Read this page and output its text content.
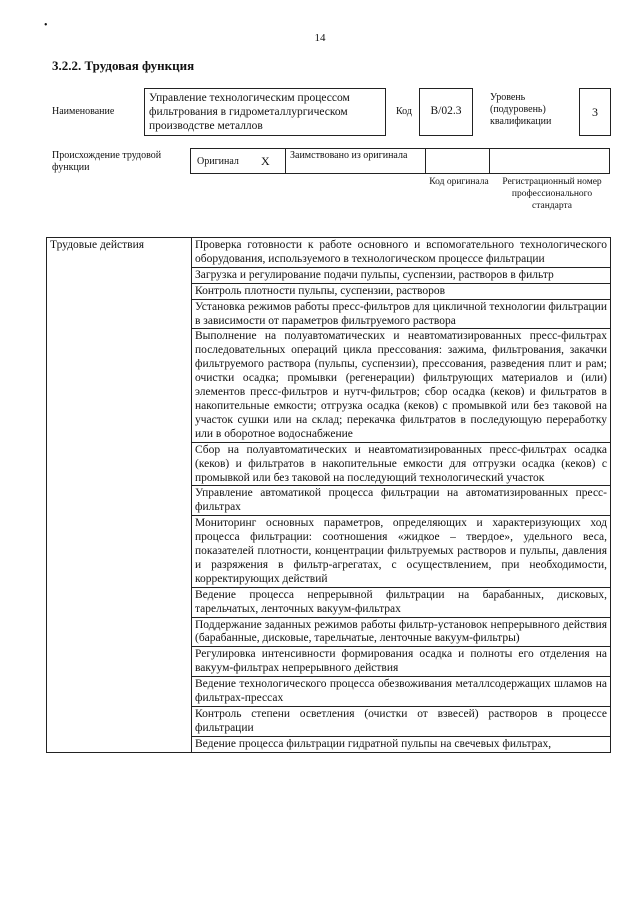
•
14
3.2.2. Трудовая функция
Наименование
Управление технологическим процессом фильтрования в гидрометаллургическом производстве металлов
Код	В/02.3
Уровень (подуровень) квалификации
3
Происхождение трудовой функции
Оригинал X Заимствовано из оригинала
Код оригинала	Регистрационный номер профессионального стандарта
Трудовые действия	Проверка готовности к работе основного и вспомогательного технологического оборудования, используемого в технологическом процессе фильтрации
Загрузка и регулирование подачи пульпы, суспензии, растворов в фильтр
Контроль плотности пульпы, суспензии, растворов
Установка режимов работы пресс-фильтров для цикличной технологии фильтрации в зависимости от параметров фильтруемого раствора
Выполнение на полуавтоматических и неавтоматизированных пресс-фильтрах последовательных операций цикла прессования: зажима, фильтрования, закачки фильтруемого раствора (пульпы, суспензии), прессования, разведения плит и рам; очистки осадка; промывки (регенерации) фильтрующих материалов и (или) элементов пресс-фильтров и нутч-фильтров; сбор осадка (кеков) и фильтратов в накопительные емкости; отгрузка осадка (кеков) с промывкой или без таковой на участок сушки или на склад; перекачка фильтратов в последующую переработку или в оборотное водоснабжение
Сбор на полуавтоматических и неавтоматизированных пресс-фильтрах осадка (кеков) и фильтратов в накопительные емкости для отгрузки осадка (кеков) с промывкой или без таковой на последующий технологический участок
Управление автоматикой процесса фильтрации на автоматизированных пресс-фильтрах
Мониторинг основных параметров, определяющих и характеризующих ход процесса фильтрации: соотношения «жидкое – твердое», удельного веса, показателей плотности, концентрации фильтруемых растворов и пульпы, давления и разряжения в фильтр-агрегатах, с осуществлением, при необходимости, корректирующих действий
Ведение процесса непрерывной фильтрации на барабанных, дисковых, тарельчатых, ленточных вакуум-фильтрах
Поддержание заданных режимов работы фильтр-установок непрерывного действия (барабанные, дисковые, тарельчатые, ленточные вакуум-фильтры)
Регулировка интенсивности формирования осадка и полноты его отделения на вакуум-фильтрах непрерывного действия
Ведение технологического процесса обезвоживания металлсодержащих шламов на фильтрах-прессах
Контроль степени осветления (очистки от взвесей) растворов в процессе фильтрации
Ведение процесса фильтрации гидратной пульпы на свечевых фильтрах,
